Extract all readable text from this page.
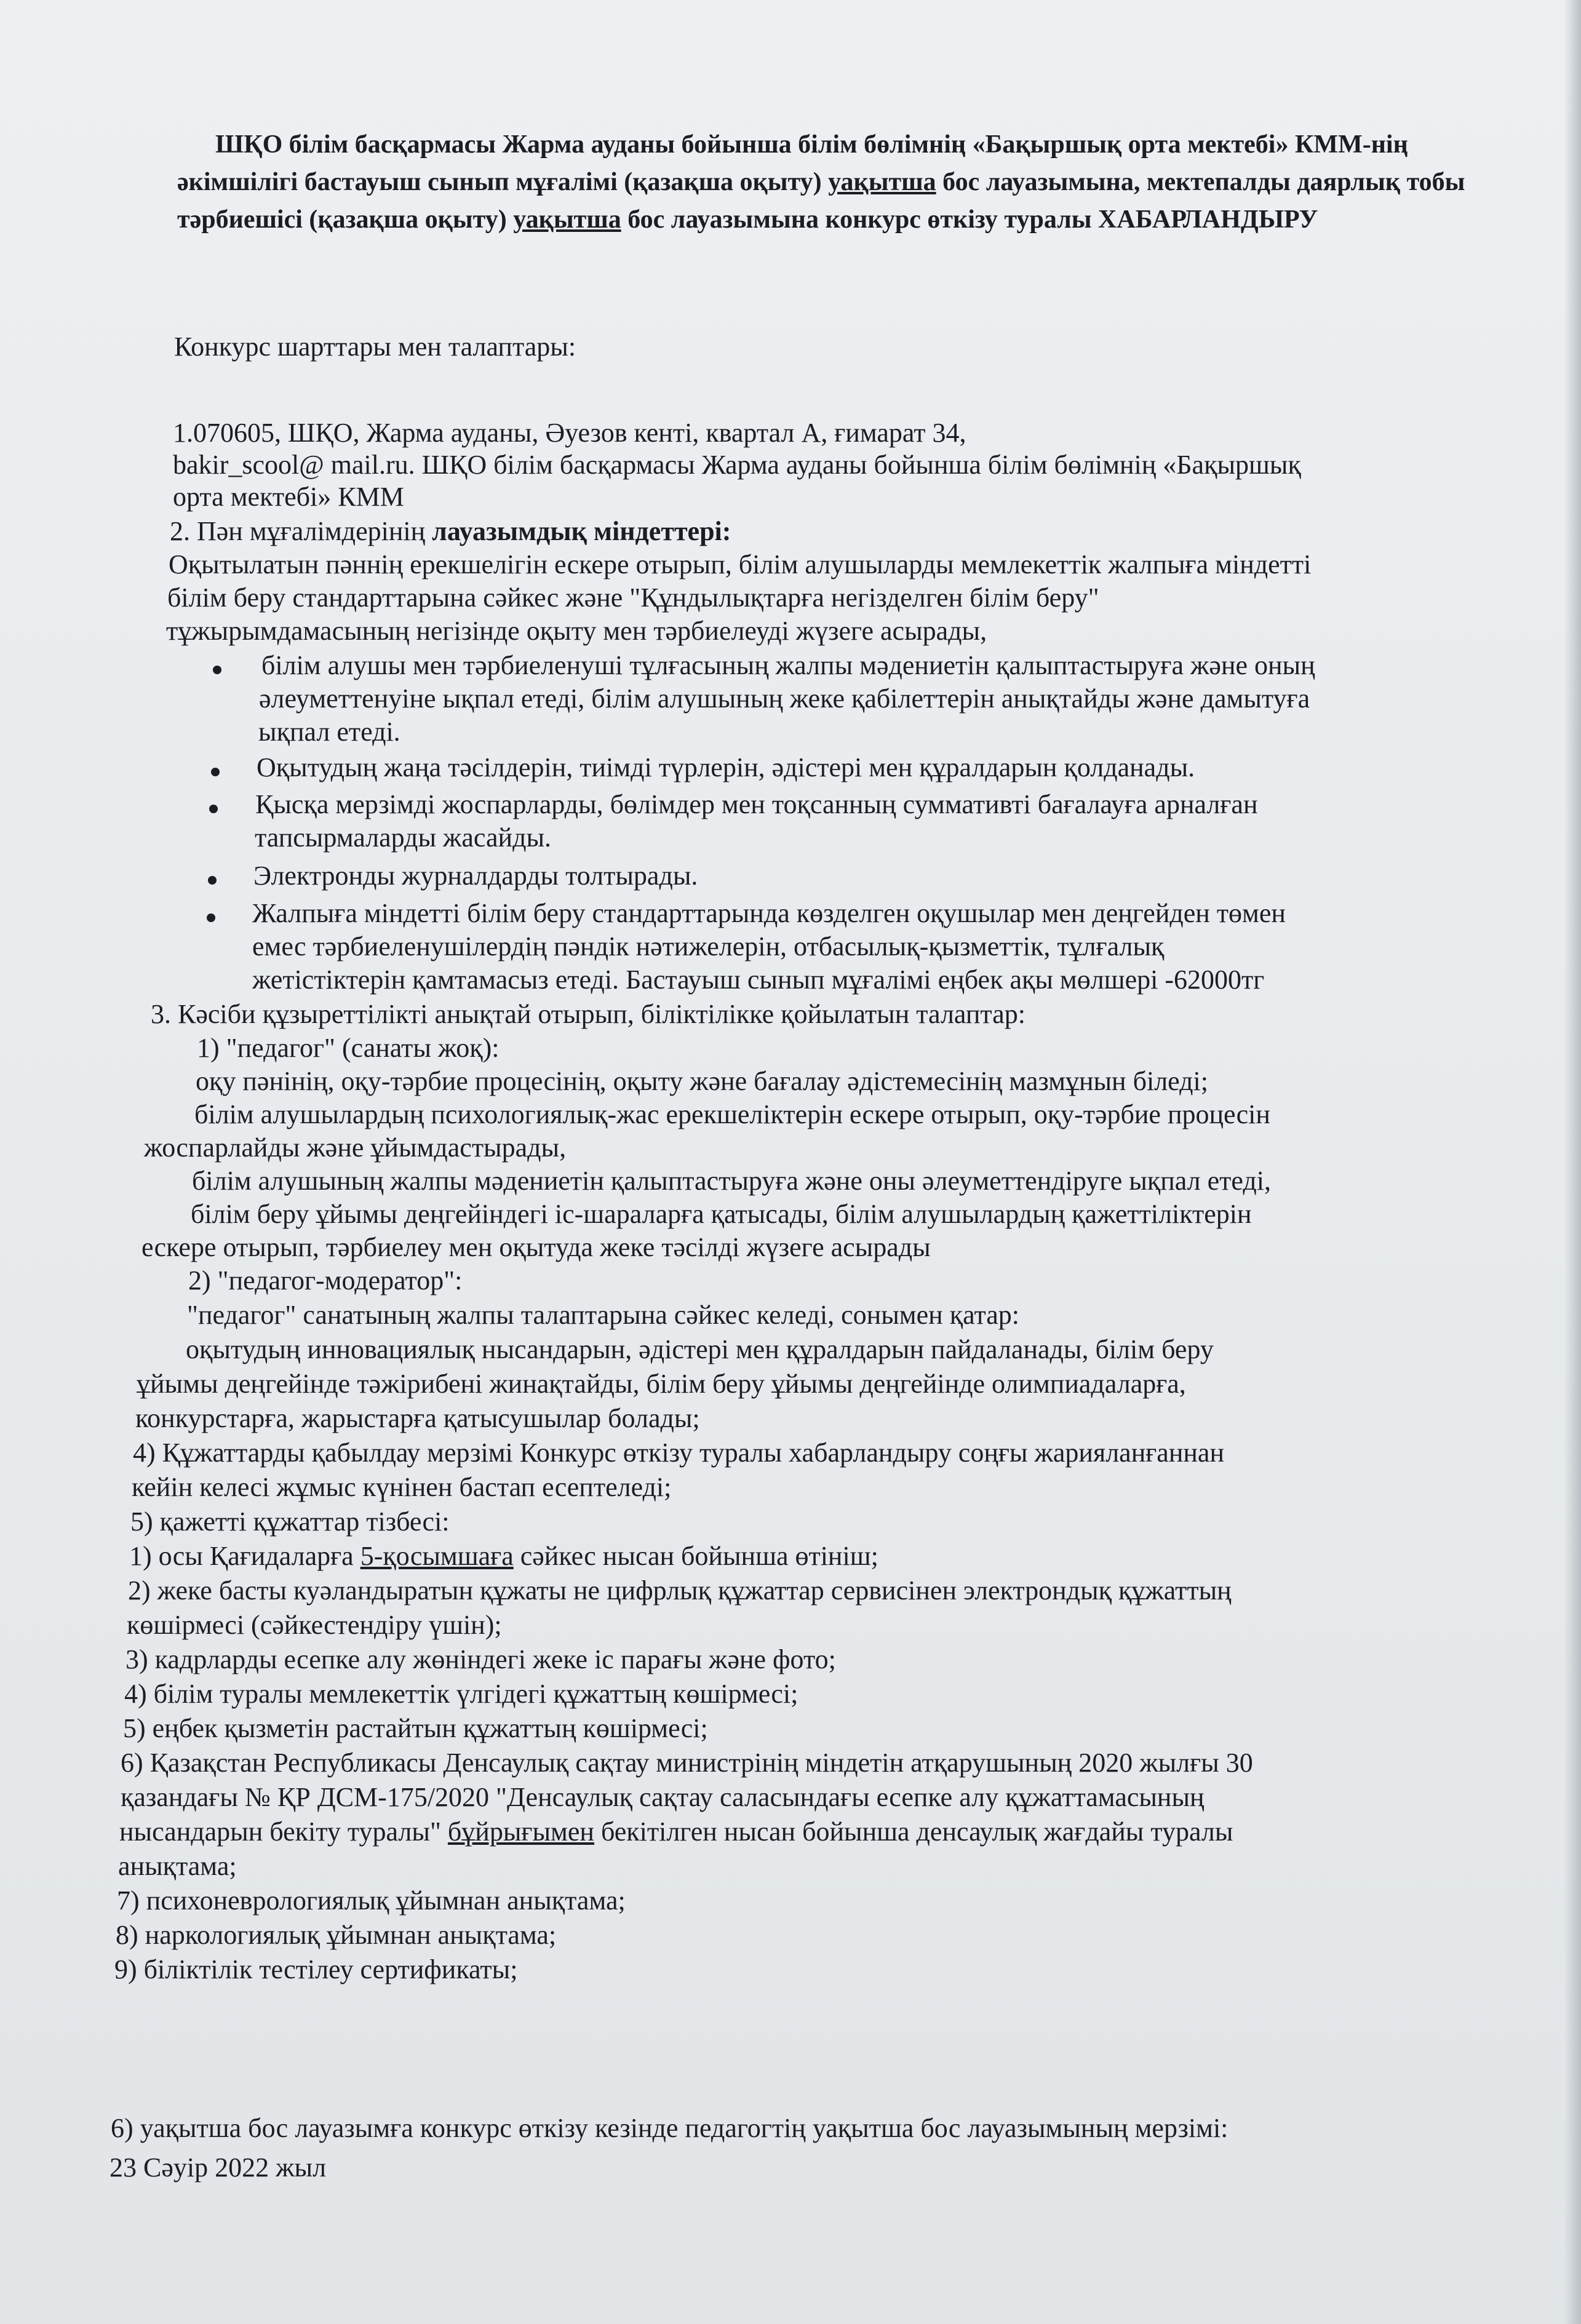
ШҚО білім басқармасы Жарма ауданы бойынша білім бөлімнің «Бақыршық орта мектебі» КММ-нің әкімшілігі бастауыш сынып мұғалімі (қазақша оқыту) уақытша бос лауазымына, мектепалды даярлық тобы тәрбиешісі (қазақша оқыту) уақытша бос лауазымына конкурс өткізу туралы ХАБАРЛАНДЫРУ
Конкурс шарттары мен талаптары:
1.070605, ШҚО, Жарма ауданы, Әуезов кенті, квартал А, ғимарат 34,
bakir_scool@ mail.ru. ШҚО білім басқармасы Жарма ауданы бойынша білім бөлімнің «Бақыршық
орта мектебі» КММ
2. Пән мұғалімдерінің лауазымдық міндеттері:
Оқытылатын пәннің ерекшелігін ескере отырып, білім алушыларды мемлекеттік жалпыға міндетті
білім беру стандарттарына сәйкес және "Құндылықтарға негізделген білім беру"
тұжырымдамасының негізінде оқыту мен тәрбиелеуді жүзеге асырады,
білім алушы мен тәрбиеленуші тұлғасының жалпы мәдениетін қалыптастыруға және оның
әлеуметтенуіне ықпал етеді, білім алушының жеке қабілеттерін анықтайды және дамытуға
ықпал етеді.
Оқытудың жаңа тәсілдерін, тиімді түрлерін, әдістері мен құралдарын қолданады.
Қысқа мерзімді жоспарларды, бөлімдер мен тоқсанның суммативті бағалауға арналған
тапсырмаларды жасайды.
Электронды журналдарды толтырады.
Жалпыға міндетті білім беру стандарттарында көзделген оқушылар мен деңгейден төмен
емес тәрбиеленушілердің пәндік нәтижелерін, отбасылық-қызметтік, тұлғалық
жетістіктерін қамтамасыз етеді. Бастауыш сынып мұғалімі еңбек ақы мөлшері -62000тг
3. Кәсіби құзыреттілікті анықтай отырып, біліктілікке қойылатын талаптар:
1) "педагог" (санаты жоқ):
оқу пәнінің, оқу-тәрбие процесінің, оқыту және бағалау әдістемесінің мазмұнын біледі;
білім алушылардың психологиялық-жас ерекшеліктерін ескере отырып, оқу-тәрбие процесін
жоспарлайды және ұйымдастырады,
білім алушының жалпы мәдениетін қалыптастыруға және оны әлеуметтендіруге ықпал етеді,
білім беру ұйымы деңгейіндегі іс-шараларға қатысады, білім алушылардың қажеттіліктерін
ескере отырып, тәрбиелеу мен оқытуда жеке тәсілді жүзеге асырады
2) "педагог-модератор":
"педагог" санатының жалпы талаптарына сәйкес келеді, сонымен қатар:
оқытудың инновациялық нысандарын, әдістері мен құралдарын пайдаланады, білім беру
ұйымы деңгейінде тәжірибені жинақтайды, білім беру ұйымы деңгейінде олимпиадаларға,
конкурстарға, жарыстарға қатысушылар болады;
4) Құжаттарды қабылдау мерзімі Конкурс өткізу туралы хабарландыру соңғы жарияланғаннан
кейін келесі жұмыс күнінен бастап есептеледі;
5) қажетті құжаттар тізбесі:
1) осы Қағидаларға 5-қосымшаға сәйкес нысан бойынша өтініш;
2) жеке басты куәландыратын құжаты не цифрлық құжаттар сервисінен электрондық құжаттың
көшірмесі (сәйкестендіру үшін);
3) кадрларды есепке алу жөніндегі жеке іс парағы және фото;
4) білім туралы мемлекеттік үлгідегі құжаттың көшірмесі;
5) еңбек қызметін растайтын құжаттың көшірмесі;
6) Қазақстан Республикасы Денсаулық сақтау министрінің міндетін атқарушының 2020 жылғы 30
қазандағы № ҚР ДСМ-175/2020 "Денсаулық сақтау саласындағы есепке алу құжаттамасының
нысандарын бекіту туралы" бұйрығымен бекітілген нысан бойынша денсаулық жағдайы туралы
анықтама;
7) психоневрологиялық ұйымнан анықтама;
8) наркологиялық ұйымнан анықтама;
9) біліктілік тестілеу сертификаты;
6) уақытша бос лауазымға конкурс өткізу кезінде педагогтің уақытша бос лауазымының мерзімі:
23 Сәуір 2022 жыл
